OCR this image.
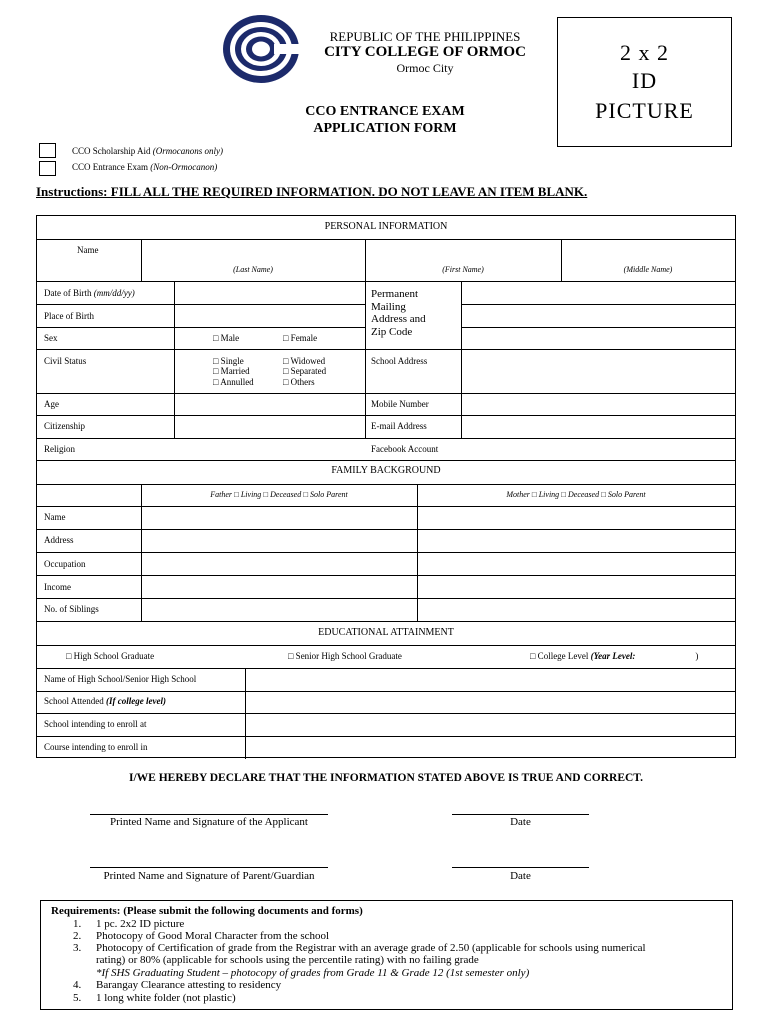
REPUBLIC OF THE PHILIPPINES
CITY COLLEGE OF ORMOC
Ormoc City
2 x 2
ID
PICTURE
CCO ENTRANCE EXAM
APPLICATION FORM
CCO Scholarship Aid (Ormocanons only)
CCO Entrance Exam (Non-Ormocanon)
Instructions: FILL ALL THE REQUIRED INFORMATION. DO NOT LEAVE AN ITEM BLANK.
PERSONAL INFORMATION
Name
(Last Name)	(First Name)	(Middle Name)
Date of Birth (mm/dd/yy)
Place of Birth
Sex	□ Male	□ Female
Civil Status	□ Single
□ Married
□ Annulled
□ Widowed
□ Separated
□ Others
Age
Citizenship
Religion
Permanent
Mailing
Address and
Zip Code
School Address
Mobile Number
E-mail Address
Facebook Account
FAMILY BACKGROUND
Father □ Living □ Deceased □ Solo Parent	Mother □ Living □ Deceased □ Solo Parent
Name
Address
Occupation
Income
No. of Siblings
EDUCATIONAL ATTAINMENT
□ High School Graduate	□ Senior High School Graduate	□ College Level (Year Level:	)
Name of High School/Senior High School
School Attended (If college level)
School intending to enroll at
Course intending to enroll in
I/WE HEREBY DECLARE THAT THE INFORMATION STATED ABOVE IS TRUE AND CORRECT.
Printed Name and Signature of the Applicant	Date
Printed Name and Signature of Parent/Guardian	Date
Requirements: (Please submit the following documents and forms)
1. 1 pc. 2x2 ID picture
2. Photocopy of Good Moral Character from the school
3. Photocopy of Certification of grade from the Registrar with an average grade of 2.50 (applicable for schools using numerical
rating) or 80% (applicable for schools using the percentile rating) with no failing grade
*If SHS Graduating Student – photocopy of grades from Grade 11 & Grade 12 (1st semester only)
4. Barangay Clearance attesting to residency
5. 1 long white folder (not plastic)
